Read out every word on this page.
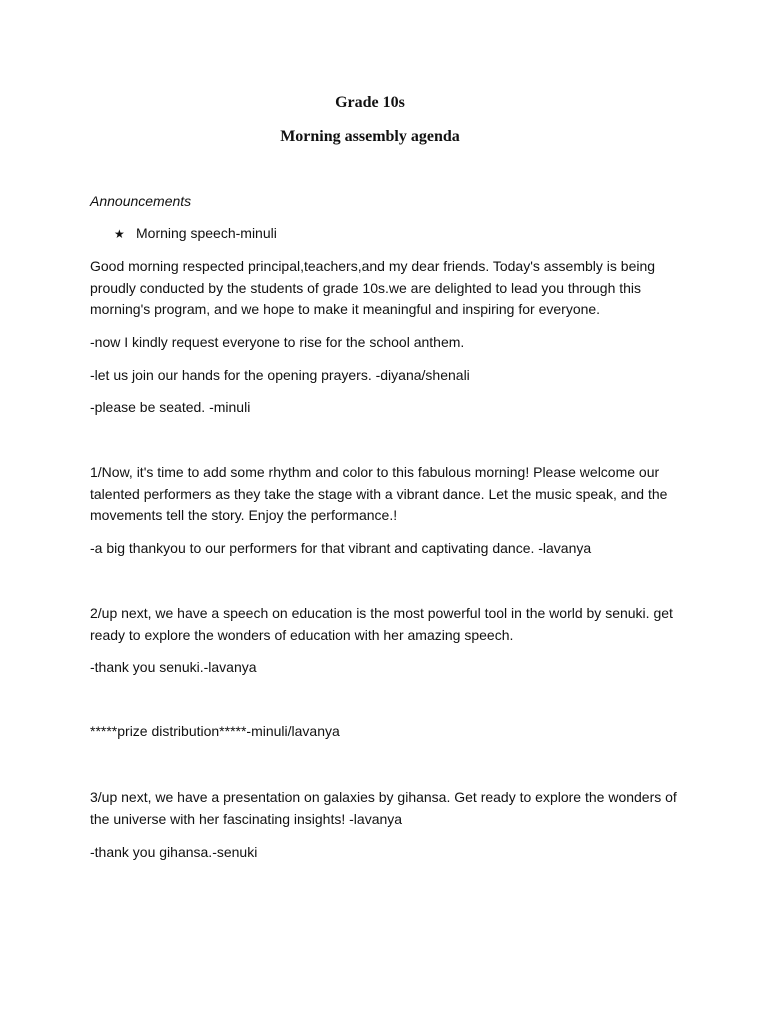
Grade 10s
Morning assembly agenda

Announcements

★ Morning speech-minuli

Good morning respected principal,teachers,and my dear friends. Today's assembly is being proudly conducted by the students of grade 10s.we are delighted to lead you through this morning's program, and we hope to make it meaningful and inspiring for everyone.

-now I kindly request everyone to rise for the school anthem.

-let us join our hands for the opening prayers. -diyana/shenali

-please be seated. -minuli

1/Now, it's time to add some rhythm and color to this fabulous morning! Please welcome our talented performers as they take the stage with a vibrant dance. Let the music speak, and the movements tell the story. Enjoy the performance.!

-a big thankyou to our performers for that vibrant and captivating dance. -lavanya

2/up next, we have a speech on education is the most powerful tool in the world by senuki. get ready to explore the wonders of education with her amazing speech.

-thank you senuki.-lavanya

*****prize distribution*****-minuli/lavanya

3/up next, we have a presentation on galaxies by gihansa. Get ready to explore the wonders of the universe with her fascinating insights! -lavanya

-thank you gihansa.-senuki
